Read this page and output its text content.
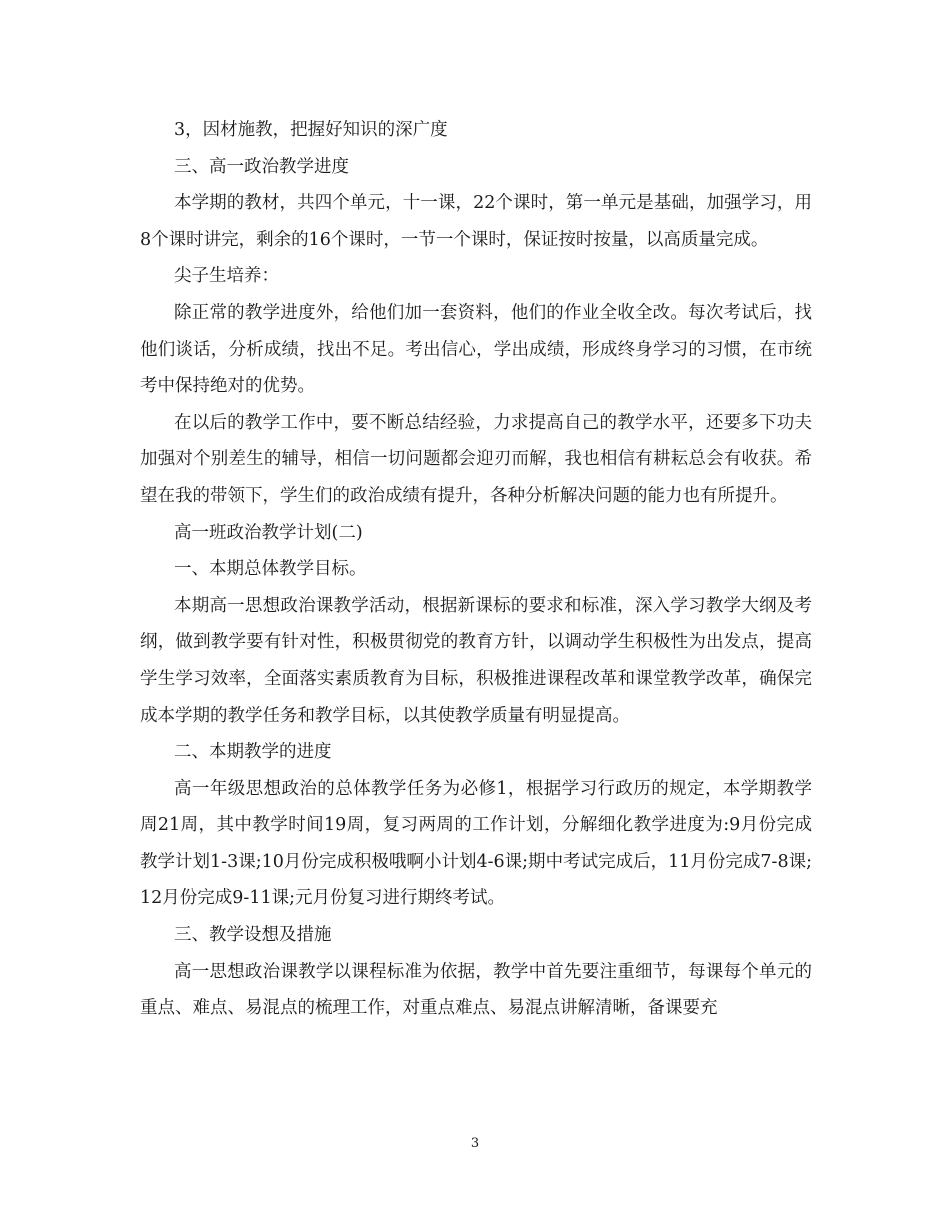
3，因材施教，把握好知识的深广度

三、高一政治教学进度

本学期的教材，共四个单元，十一课，22个课时，第一单元是基础，加强学习，用8个课时讲完，剩余的16个课时，一节一个课时，保证按时按量，以高质量完成。

尖子生培养：

除正常的教学进度外，给他们加一套资料，他们的作业全收全改。每次考试后，找他们谈话，分析成绩，找出不足。考出信心，学出成绩，形成终身学习的习惯，在市统考中保持绝对的优势。

在以后的教学工作中，要不断总结经验，力求提高自己的教学水平，还要多下功夫加强对个别差生的辅导，相信一切问题都会迎刃而解，我也相信有耕耘总会有收获。希望在我的带领下，学生们的政治成绩有提升，各种分析解决问题的能力也有所提升。

高一班政治教学计划(二)

一、本期总体教学目标。

本期高一思想政治课教学活动，根据新课标的要求和标准，深入学习教学大纲及考纲，做到教学要有针对性，积极贯彻党的教育方针，以调动学生积极性为出发点，提高学生学习效率，全面落实素质教育为目标，积极推进课程改革和课堂教学改革，确保完成本学期的教学任务和教学目标，以其使教学质量有明显提高。

二、本期教学的进度

高一年级思想政治的总体教学任务为必修1，根据学习行政历的规定，本学期教学周21周，其中教学时间19周，复习两周的工作计划，分解细化教学进度为:9月份完成教学计划1-3课;10月份完成积极哦啊小计划4-6课;期中考试完成后，11月份完成7-8课;12月份完成9-11课;元月份复习进行期终考试。

三、教学设想及措施

高一思想政治课教学以课程标准为依据，教学中首先要注重细节，每课每个单元的重点、难点、易混点的梳理工作，对重点难点、易混点讲解清晰，备课要充

3
